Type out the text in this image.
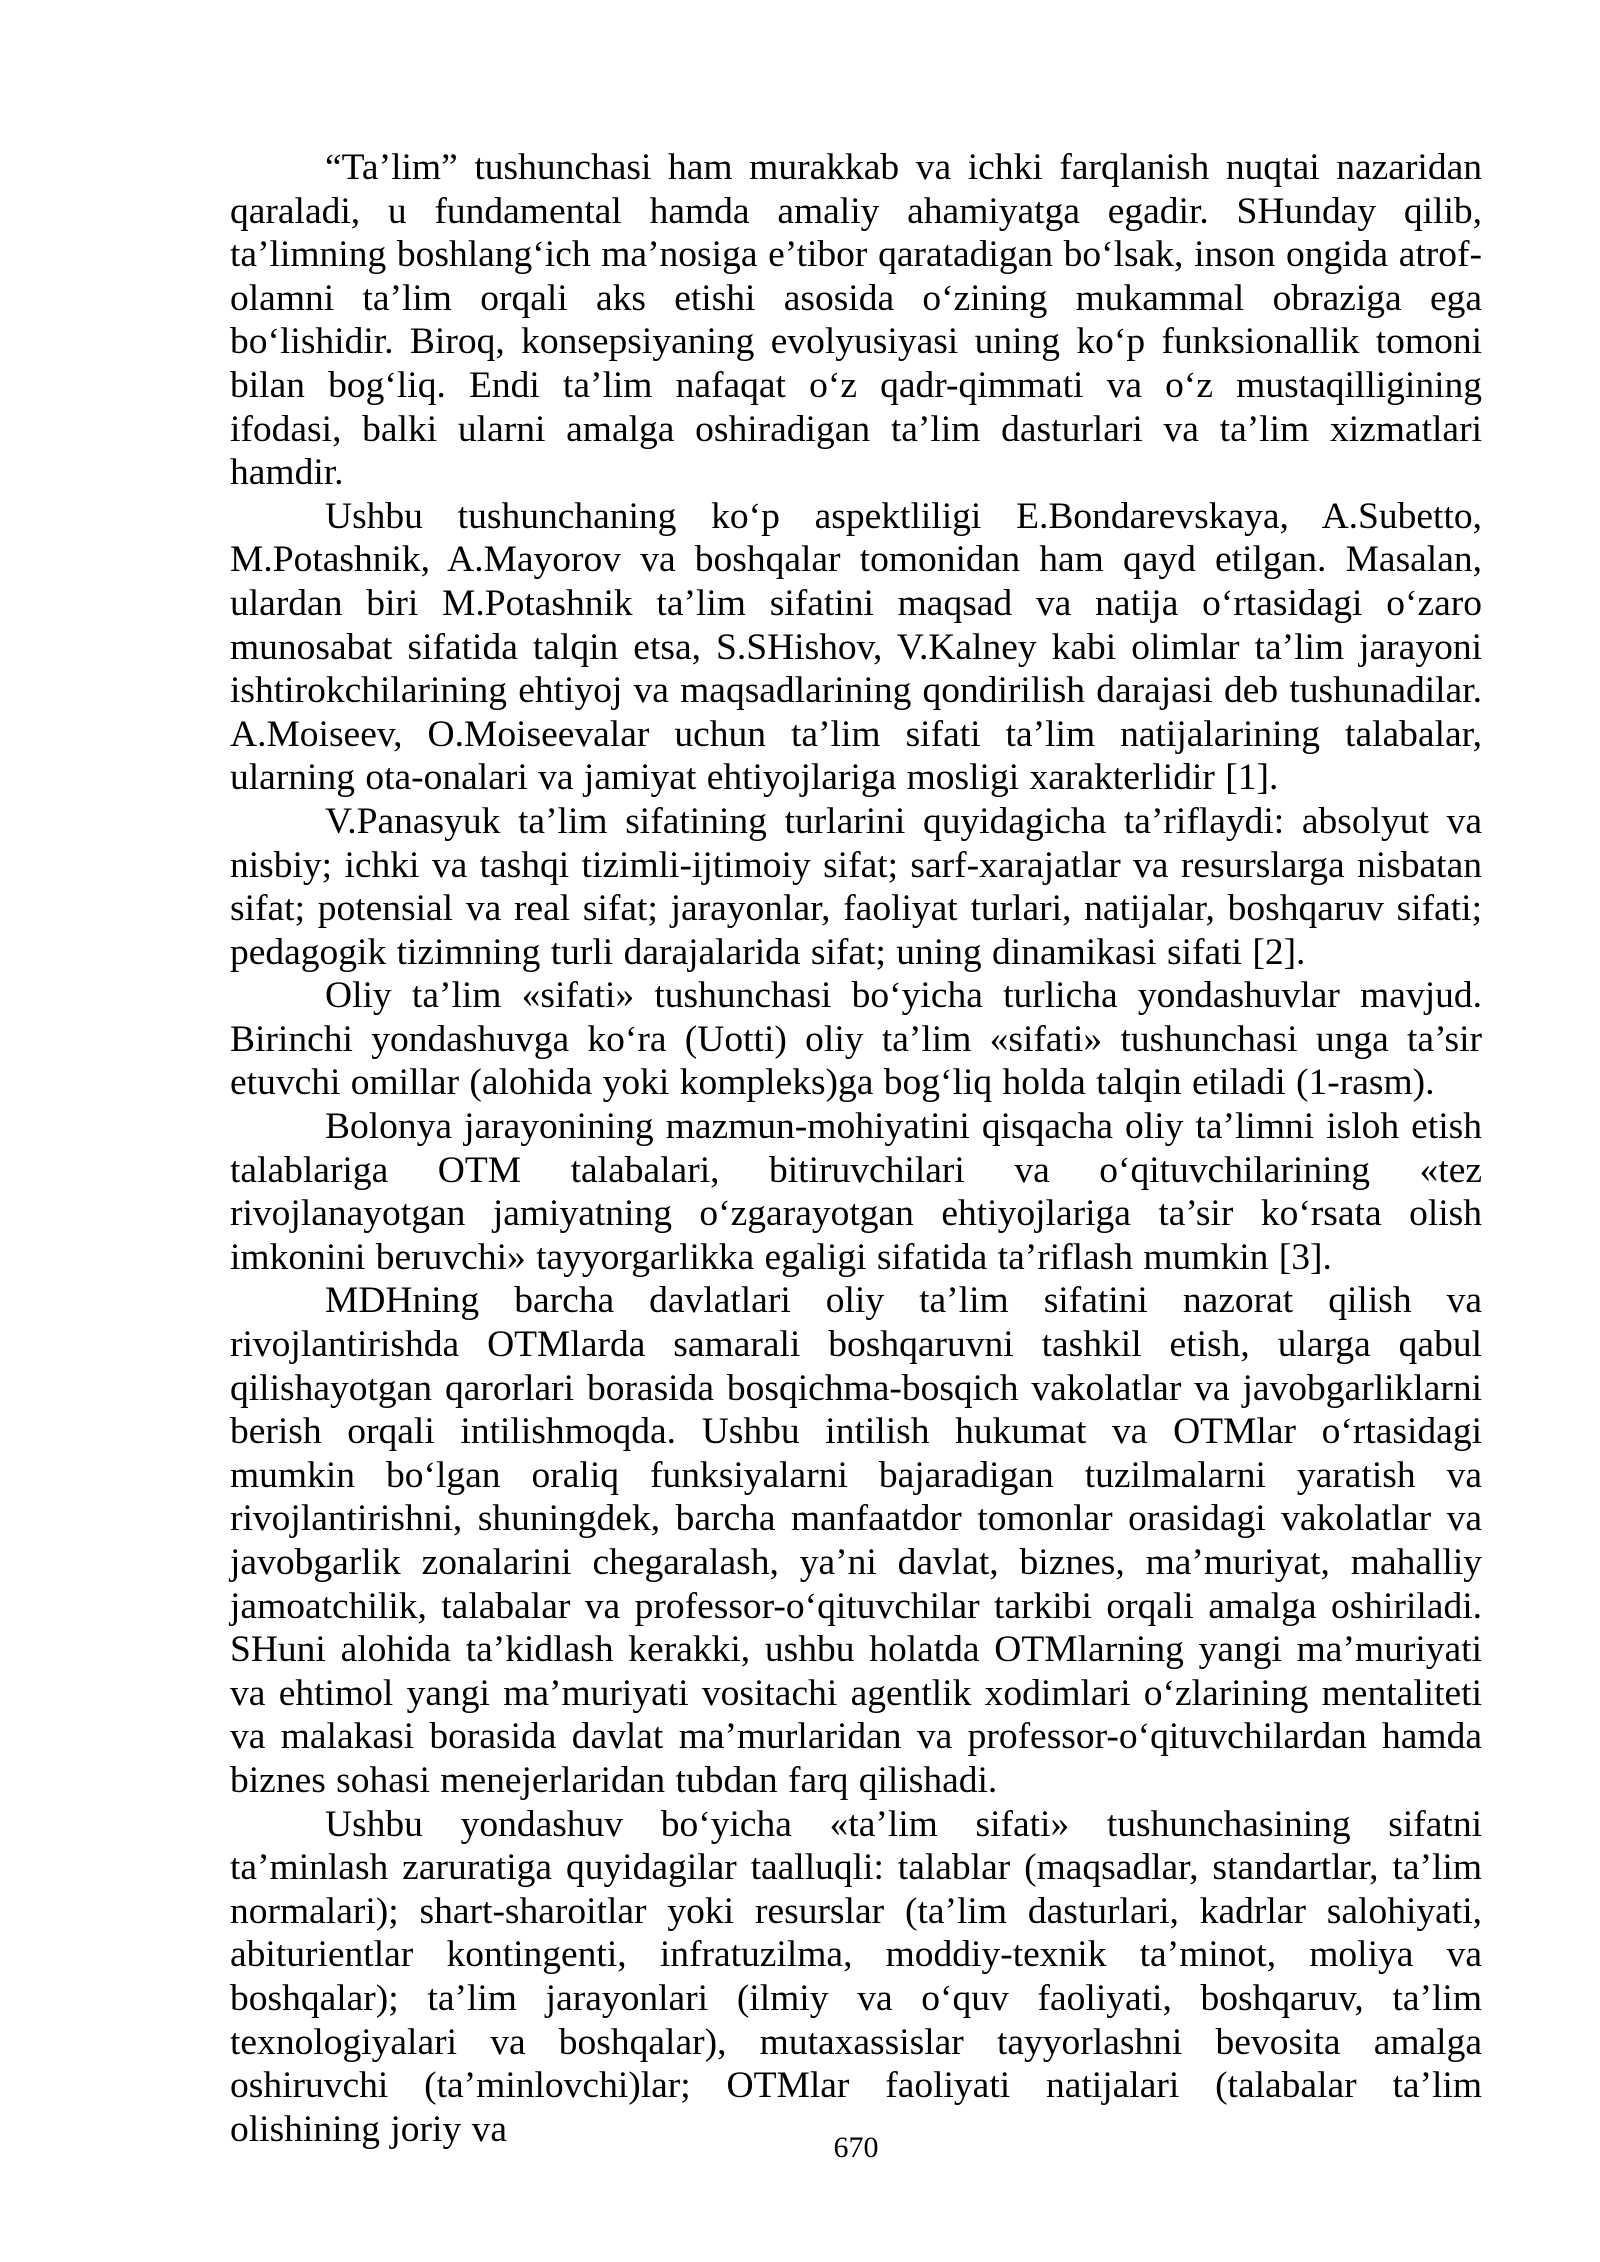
“Ta’lim” tushunchasi ham murakkab va ichki farqlanish nuqtai nazaridan qaraladi, u fundamental hamda amaliy ahamiyatga egadir. SHunday qilib, ta’limning boshlangʻich ma’nosiga e’tibor qaratadigan boʻlsak, inson ongida atrof-olamni ta’lim orqali aks etishi asosida oʻzining mukammal obraziga ega boʻlishidir. Biroq, konsepsiyaning evolyusiyasi uning koʻp funksionallik tomoni bilan bogʻliq. Endi ta’lim nafaqat oʻz qadr-qimmati va oʻz mustaqilligining ifodasi, balki ularni amalga oshiradigan ta’lim dasturlari va ta’lim xizmatlari hamdir.

Ushbu tushunchaning koʻp aspektliligi E.Bondarevskaya, A.Subetto, M.Potashnik, A.Mayorov va boshqalar tomonidan ham qayd etilgan. Masalan, ulardan biri M.Potashnik ta’lim sifatini maqsad va natija oʻrtasidagi oʻzaro munosabat sifatida talqin etsa, S.SHishov, V.Kalney kabi olimlar ta’lim jarayoni ishtirokchilarining ehtiyoj va maqsadlarining qondirilish darajasi deb tushunadilar. A.Moiseev, O.Moiseevalar uchun ta’lim sifati ta’lim natijalarining talabalar, ularning ota-onalari va jamiyat ehtiyojlariga mosligi xarakterlidir [1].

V.Panasyuk ta’lim sifatining turlarini quyidagicha ta’riflaydi: absolyut va nisbiy; ichki va tashqi tizimli-ijtimoiy sifat; sarf-xarajatlar va resurslarga nisbatan sifat; potensial va real sifat; jarayonlar, faoliyat turlari, natijalar, boshqaruv sifati; pedagogik tizimning turli darajalarida sifat; uning dinamikasi sifati [2].

Oliy ta’lim «sifati» tushunchasi boʻyicha turlicha yondashuvlar mavjud. Birinchi yondashuvga koʻra (Uotti) oliy ta’lim «sifati» tushunchasi unga ta’sir etuvchi omillar (alohida yoki kompleks)ga bogʻliq holda talqin etiladi (1-rasm).

Bolonya jarayonining mazmun-mohiyatini qisqacha oliy ta’limni isloh etish talablariga OTM talabalari, bitiruvchilari va oʻqituvchilarining «tez rivojlanayotgan jamiyatning oʻzgarayotgan ehtiyojlariga ta’sir koʻrsata olish imkonini beruvchi» tayyorgarlikka egaligi sifatida ta’riflash mumkin [3].

MDHning barcha davlatlari oliy ta’lim sifatini nazorat qilish va rivojlantirishda OTMlarda samarali boshqaruvni tashkil etish, ularga qabul qilishayotgan qarorlari borasida bosqichma-bosqich vakolatlar va javobgarliklarni berish orqali intilishmoqda. Ushbu intilish hukumat va OTMlar oʻrtasidagi mumkin boʻlgan oraliq funksiyalarni bajaradigan tuzilmalarni yaratish va rivojlantirishni, shuningdek, barcha manfaatdor tomonlar orasidagi vakolatlar va javobgarlik zonalarini chegaralash, ya’ni davlat, biznes, ma’muriyat, mahalliy jamoatchilik, talabalar va professor-oʻqituvchilar tarkibi orqali amalga oshiriladi. SHuni alohida ta’kidlash kerakki, ushbu holatda OTMlarning yangi ma’muriyati va ehtimol yangi ma’muriyati vositachi agentlik xodimlari oʻzlarining mentaliteti va malakasi borasida davlat ma’murlaridan va professor-oʻqituvchilardan hamda biznes sohasi menejerlaridan tubdan farq qilishadi.

Ushbu yondashuv boʻyicha «ta’lim sifati» tushunchasining sifatni ta’minlash zaruratiga quyidagilar taalluqli: talablar (maqsadlar, standartlar, ta’lim normalari); shart-sharoitlar yoki resurslar (ta’lim dasturlari, kadrlar salohiyati, abiturientlar kontingenti, infratuzilma, moddiy-texnik ta’minot, moliya va boshqalar); ta’lim jarayonlari (ilmiy va oʻquv faoliyati, boshqaruv, ta’lim texnologiyalari va boshqalar), mutaxassislar tayyorlashni bevosita amalga oshiruvchi (ta’minlovchi)lar; OTMlar faoliyati natijalari (talabalar ta’lim olishining joriy va	670
